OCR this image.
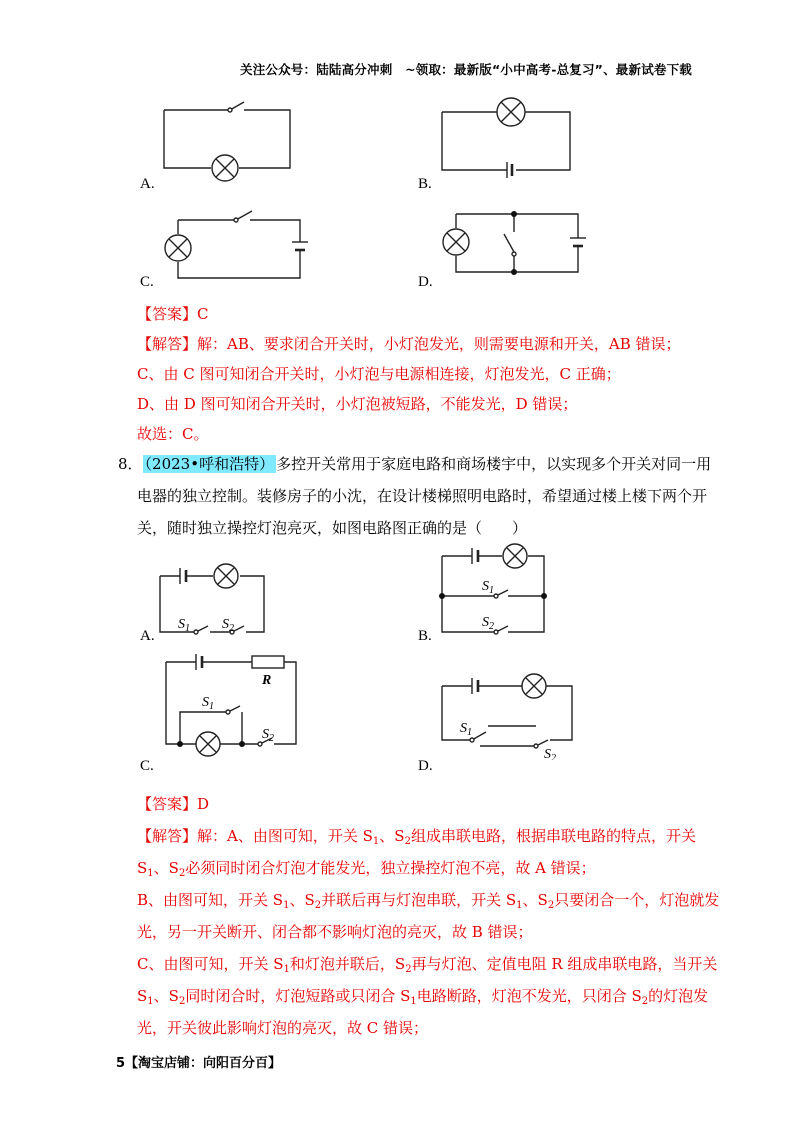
关注公众号：陆陆高分冲刺　~领取：最新版“小中高考-总复习”、最新试卷下载
A.	B.
C.	D.
【答案】C
【解答】解：AB、要求闭合开关时，小灯泡发光，则需要电源和开关，AB 错误；
C、由 C 图可知闭合开关时，小灯泡与电源相连接，灯泡发光，C 正确；
D、由 D 图可知闭合开关时，小灯泡被短路，不能发光，D 错误；
故选：C。
8． （2023•呼和浩特） 多控开关常用于家庭电路和商场楼宇中，以实现多个开关对同一用
电器的独立控制。装修房子的小沈，在设计楼梯照明电路时，希望通过楼上楼下两个开
关，随时独立操控灯泡亮灭，如图电路图正确的是（　　）
$S_1$ $S_2$
A.
$S_1$
$S_2$
B.
R
$S_1$
$S_2$
C.
$S_1$
$S_2$
D.
【答案】D
【解答】解：A、由图可知，开关 $S_1$、$S_2$组成串联电路，根据串联电路的特点，开关
$S_1$、$S_2$必须同时闭合灯泡才能发光，独立操控灯泡不亮，故 A 错误；
B、由图可知，开关 $S_1$、$S_2$并联后再与灯泡串联，开关 $S_1$、$S_2$只要闭合一个，灯泡就发
光，另一开关断开、闭合都不影响灯泡的亮灭，故 B 错误；
C、由图可知，开关 $S_1$和灯泡并联后，$S_2$再与灯泡、定值电阻 R 组成串联电路，当开关
$S_1$、$S_2$同时闭合时，灯泡短路或只闭合 $S_1$电路断路，灯泡不发光，只闭合 $S_2$的灯泡发
光，开关彼此影响灯泡的亮灭，故 C 错误；
5【淘宝店铺：向阳百分百】
